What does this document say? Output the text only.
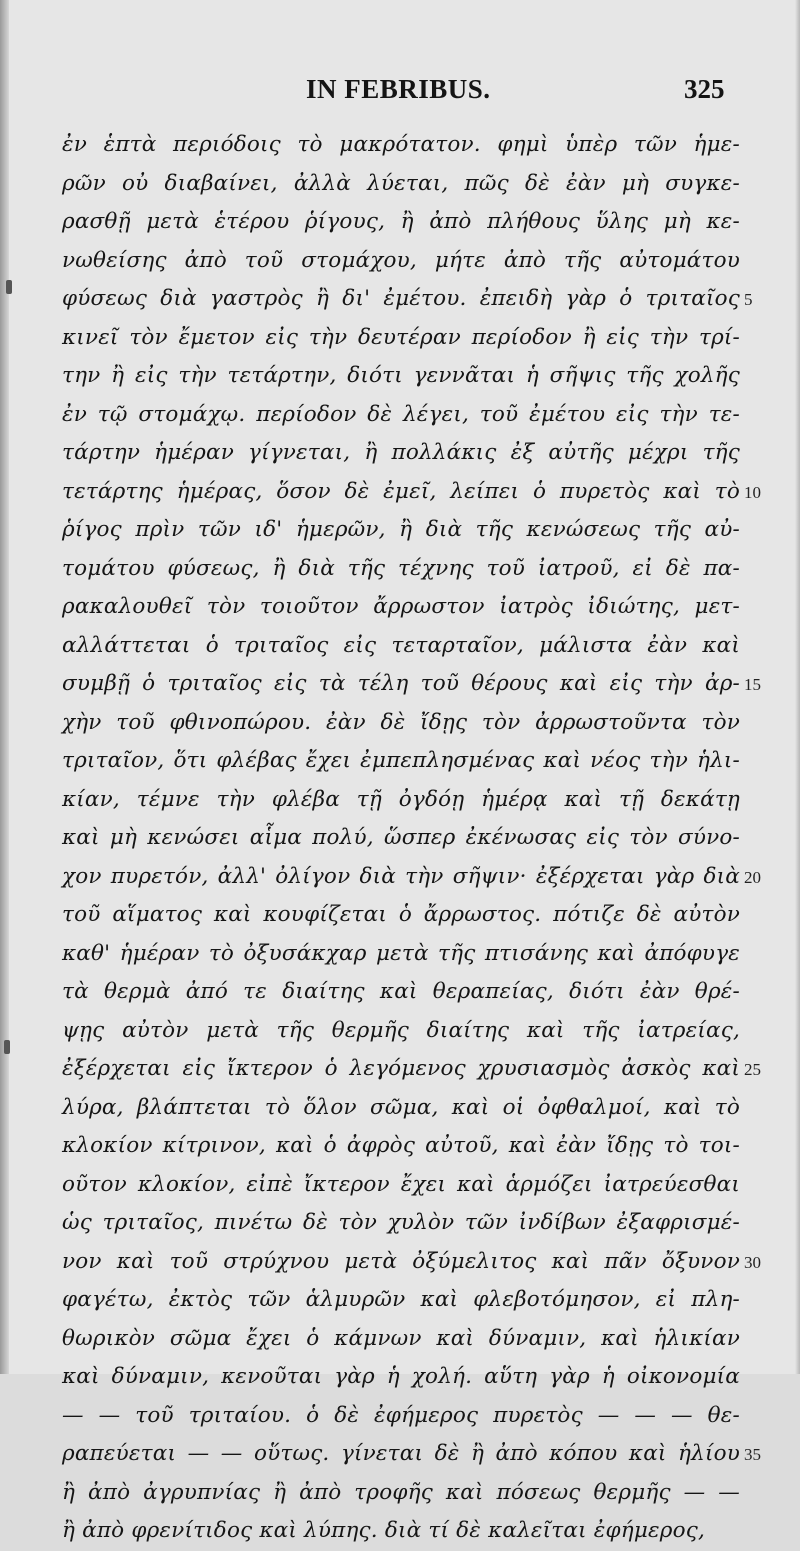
IN FEBRIBUS.	325
ἐν ἑπτὰ περιόδοις τὸ μακρότατον. φημὶ ὑπὲρ τῶν ἡμε-
ρῶν οὐ διαβαίνει, ἀλλὰ λύεται, πῶς δὲ ἐὰν μὴ συγκε-
ρασθῇ μετὰ ἑτέρου ῥίγους, ἢ ἀπὸ πλήθους ὕλης μὴ κε-
νωθείσης ἀπὸ τοῦ στομάχου, μήτε ἀπὸ τῆς αὐτομάτου
φύσεως διὰ γαστρὸς ἢ δι' ἐμέτου. ἐπειδὴ γὰρ ὁ τριταῖος
κινεῖ τὸν ἔμετον εἰς τὴν δευτέραν περίοδον ἢ εἰς τὴν τρί-
την ἢ εἰς τὴν τετάρτην, διότι γεννᾶται ἡ σῆψις τῆς χολῆς
ἐν τῷ στομάχῳ. περίοδον δὲ λέγει, τοῦ ἐμέτου εἰς τὴν τε-
τάρτην ἡμέραν γίγνεται, ἢ πολλάκις ἐξ αὐτῆς μέχρι τῆς
τετάρτης ἡμέρας, ὅσον δὲ ἐμεῖ, λείπει ὁ πυρετὸς καὶ τὸ
ῥίγος πρὶν τῶν ιδ' ἡμερῶν, ἢ διὰ τῆς κενώσεως τῆς αὐ-
τομάτου φύσεως, ἢ διὰ τῆς τέχνης τοῦ ἰατροῦ, εἰ δὲ πα-
ρακαλουθεῖ τὸν τοιοῦτον ἄρρωστον ἰατρὸς ἰδιώτης, μετ-
αλλάττεται ὁ τριταῖος εἰς τεταρταῖον, μάλιστα ἐὰν καὶ
συμβῇ ὁ τριταῖος εἰς τὰ τέλη τοῦ θέρους καὶ εἰς τὴν ἀρ-
χὴν τοῦ φθινοπώρου. ἐὰν δὲ ἴδῃς τὸν ἀρρωστοῦντα τὸν
τριταῖον, ὅτι φλέβας ἔχει ἐμπεπλησμένας καὶ νέος τὴν ἡλι-
κίαν, τέμνε τὴν φλέβα τῇ ὀγδόῃ ἡμέρᾳ καὶ τῇ δεκάτῃ
καὶ μὴ κενώσει αἷμα πολύ, ὥσπερ ἐκένωσας εἰς τὸν σύνο-
χον πυρετόν, ἀλλ' ὀλίγον διὰ τὴν σῆψιν· ἐξέρχεται γὰρ διὰ
τοῦ αἵματος καὶ κουφίζεται ὁ ἄρρωστος. πότιζε δὲ αὐτὸν
καθ' ἡμέραν τὸ ὀξυσάκχαρ μετὰ τῆς πτισάνης καὶ ἀπόφυγε
τὰ θερμὰ ἀπό τε διαίτης καὶ θεραπείας, διότι ἐὰν θρέ-
ψῃς αὐτὸν μετὰ τῆς θερμῆς διαίτης καὶ τῆς ἰατρείας,
ἐξέρχεται εἰς ἴκτερον ὁ λεγόμενος χρυσιασμὸς ἀσκὸς καὶ
λύρα, βλάπτεται τὸ ὅλον σῶμα, καὶ οἱ ὀφθαλμοί, καὶ τὸ
κλοκίον κίτρινον, καὶ ὁ ἀφρὸς αὐτοῦ, καὶ ἐὰν ἴδῃς τὸ τοι-
οῦτον κλοκίον, εἰπὲ ἴκτερον ἔχει καὶ ἁρμόζει ἰατρεύεσθαι
ὡς τριταῖος, πινέτω δὲ τὸν χυλὸν τῶν ἰνδίβων ἐξαφρισμέ-
νον καὶ τοῦ στρύχνου μετὰ ὀξύμελιτος καὶ πᾶν ὄξυνον
φαγέτω, ἐκτὸς τῶν ἁλμυρῶν καὶ φλεβοτόμησον, εἰ πλη-
θωρικὸν σῶμα ἔχει ὁ κάμνων καὶ δύναμιν, καὶ ἡλικίαν
καὶ δύναμιν, κενοῦται γὰρ ἡ χολή. αὕτη γὰρ ἡ οἰκονομία
— — τοῦ τριταίου. ὁ δὲ ἐφήμερος πυρετὸς — — — θε-
ραπεύεται — — οὕτως. γίνεται δὲ ἢ ἀπὸ κόπου καὶ ἡλίου
ἢ ἀπὸ ἀγρυπνίας ἢ ἀπὸ τροφῆς καὶ πόσεως θερμῆς — —
ἢ ἀπὸ φρενίτιδος καὶ λύπης. διὰ τί δὲ καλεῖται ἐφήμερος,
5
10
15
20
25
30
35
